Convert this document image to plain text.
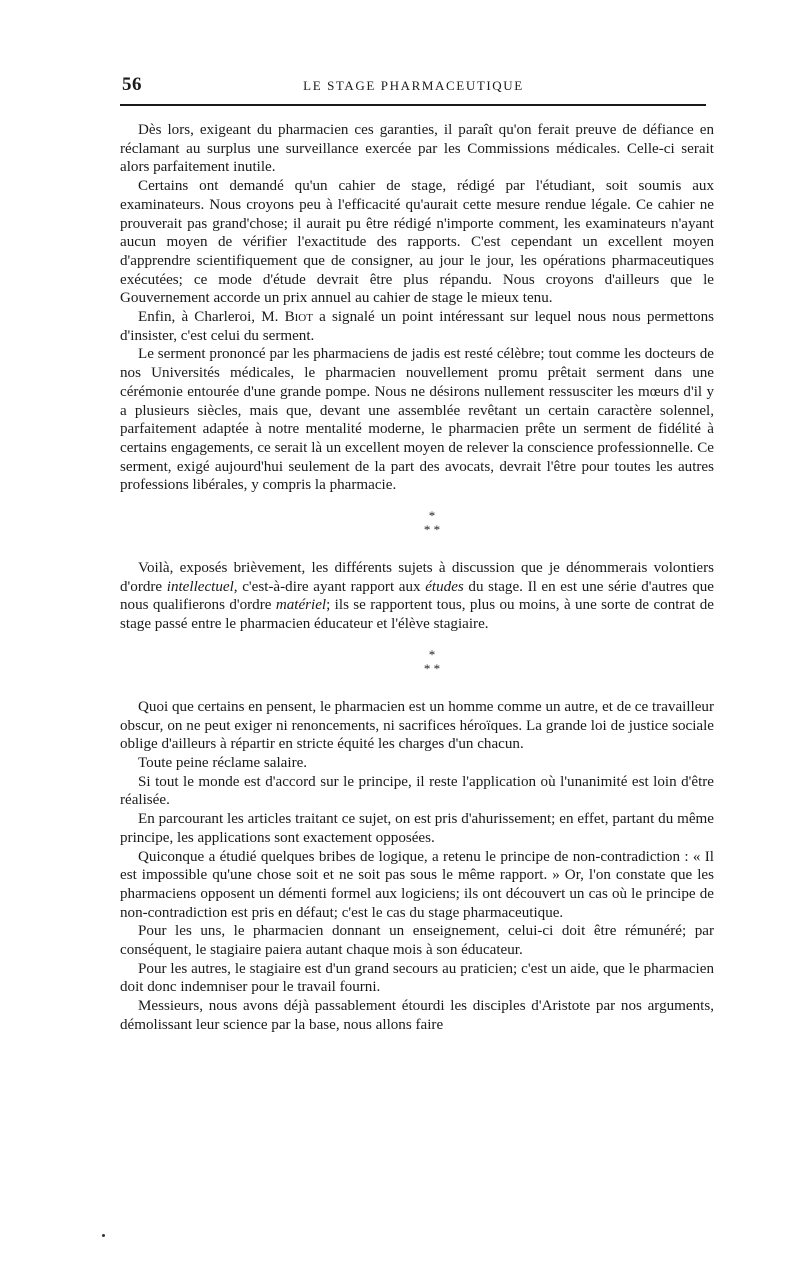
56	LE STAGE PHARMACEUTIQUE

Dès lors, exigeant du pharmacien ces garanties, il paraît qu'on ferait preuve de défiance en réclamant au surplus une surveillance exercée par les Commissions médicales. Celle-ci serait alors parfaitement inutile.

Certains ont demandé qu'un cahier de stage, rédigé par l'étudiant, soit soumis aux examinateurs. Nous croyons peu à l'efficacité qu'aurait cette mesure rendue légale. Ce cahier ne prouverait pas grand'chose; il aurait pu être rédigé n'importe comment, les examinateurs n'ayant aucun moyen de vérifier l'exactitude des rapports. C'est cependant un excellent moyen d'apprendre scientifiquement que de consigner, au jour le jour, les opérations pharmaceutiques exécutées; ce mode d'étude devrait être plus répandu. Nous croyons d'ailleurs que le Gouvernement accorde un prix annuel au cahier de stage le mieux tenu.

Enfin, à Charleroi, M. Biot a signalé un point intéressant sur lequel nous nous permettons d'insister, c'est celui du serment.

Le serment prononcé par les pharmaciens de jadis est resté célèbre; tout comme les docteurs de nos Universités médicales, le pharmacien nouvellement promu prêtait serment dans une cérémonie entourée d'une grande pompe. Nous ne désirons nullement ressusciter les mœurs d'il y a plusieurs siècles, mais que, devant une assemblée revêtant un certain caractère solennel, parfaitement adaptée à notre mentalité moderne, le pharmacien prête un serment de fidélité à certains engagements, ce serait là un excellent moyen de relever la conscience professionnelle. Ce serment, exigé aujourd'hui seulement de la part des avocats, devrait l'être pour toutes les autres professions libérales, y compris la pharmacie.

*
* *

Voilà, exposés brièvement, les différents sujets à discussion que je dénommerais volontiers d'ordre intellectuel, c'est-à-dire ayant rapport aux études du stage. Il en est une série d'autres que nous qualifierons d'ordre matériel; ils se rapportent tous, plus ou moins, à une sorte de contrat de stage passé entre le pharmacien éducateur et l'élève stagiaire.

*
* *

Quoi que certains en pensent, le pharmacien est un homme comme un autre, et de ce travailleur obscur, on ne peut exiger ni renoncements, ni sacrifices héroïques. La grande loi de justice sociale oblige d'ailleurs à répartir en stricte équité les charges d'un chacun.

Toute peine réclame salaire.

Si tout le monde est d'accord sur le principe, il reste l'application où l'unanimité est loin d'être réalisée.

En parcourant les articles traitant ce sujet, on est pris d'ahurissement; en effet, partant du même principe, les applications sont exactement opposées.

Quiconque a étudié quelques bribes de logique, a retenu le principe de non-contradiction : « Il est impossible qu'une chose soit et ne soit pas sous le même rapport. » Or, l'on constate que les pharmaciens opposent un démenti formel aux logiciens; ils ont découvert un cas où le principe de non-contradiction est pris en défaut; c'est le cas du stage pharmaceutique.

Pour les uns, le pharmacien donnant un enseignement, celui-ci doit être rémunéré; par conséquent, le stagiaire paiera autant chaque mois à son éducateur.

Pour les autres, le stagiaire est d'un grand secours au praticien; c'est un aide, que le pharmacien doit donc indemniser pour le travail fourni.

Messieurs, nous avons déjà passablement étourdi les disciples d'Aristote par nos arguments, démolissant leur science par la base, nous allons faire
